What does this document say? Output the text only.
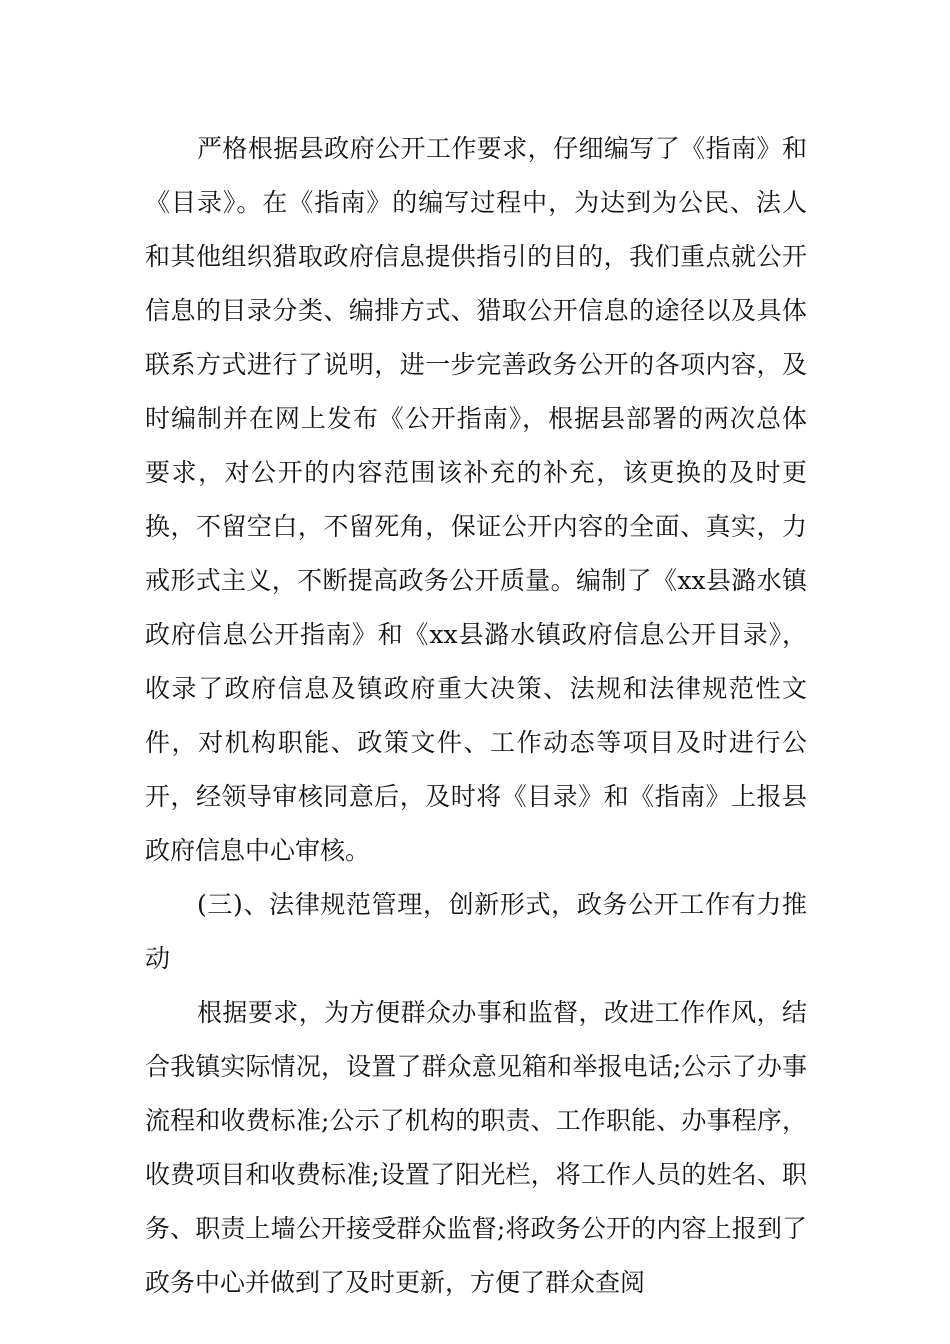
严格根据县政府公开工作要求，仔细编写了《指南》和《目录》。在《指南》的编写过程中，为达到为公民、法人和其他组织猎取政府信息提供指引的目的，我们重点就公开信息的目录分类、编排方式、猎取公开信息的途径以及具体联系方式进行了说明，进一步完善政务公开的各项内容，及时编制并在网上发布《公开指南》，根据县部署的两次总体要求，对公开的内容范围该补充的补充，该更换的及时更换，不留空白，不留死角，保证公开内容的全面、真实，力戒形式主义，不断提高政务公开质量。编制了《xx县潞水镇政府信息公开指南》和《xx县潞水镇政府信息公开目录》，收录了政府信息及镇政府重大决策、法规和法律规范性文件，对机构职能、政策文件、工作动态等项目及时进行公开，经领导审核同意后，及时将《目录》和《指南》上报县政府信息中心审核。

(三)、法律规范管理，创新形式，政务公开工作有力推动

根据要求，为方便群众办事和监督，改进工作作风，结合我镇实际情况，设置了群众意见箱和举报电话;公示了办事流程和收费标准;公示了机构的职责、工作职能、办事程序，收费项目和收费标准;设置了阳光栏，将工作人员的姓名、职务、职责上墙公开接受群众监督;将政务公开的内容上报到了政务中心并做到了及时更新，方便了群众查阅
